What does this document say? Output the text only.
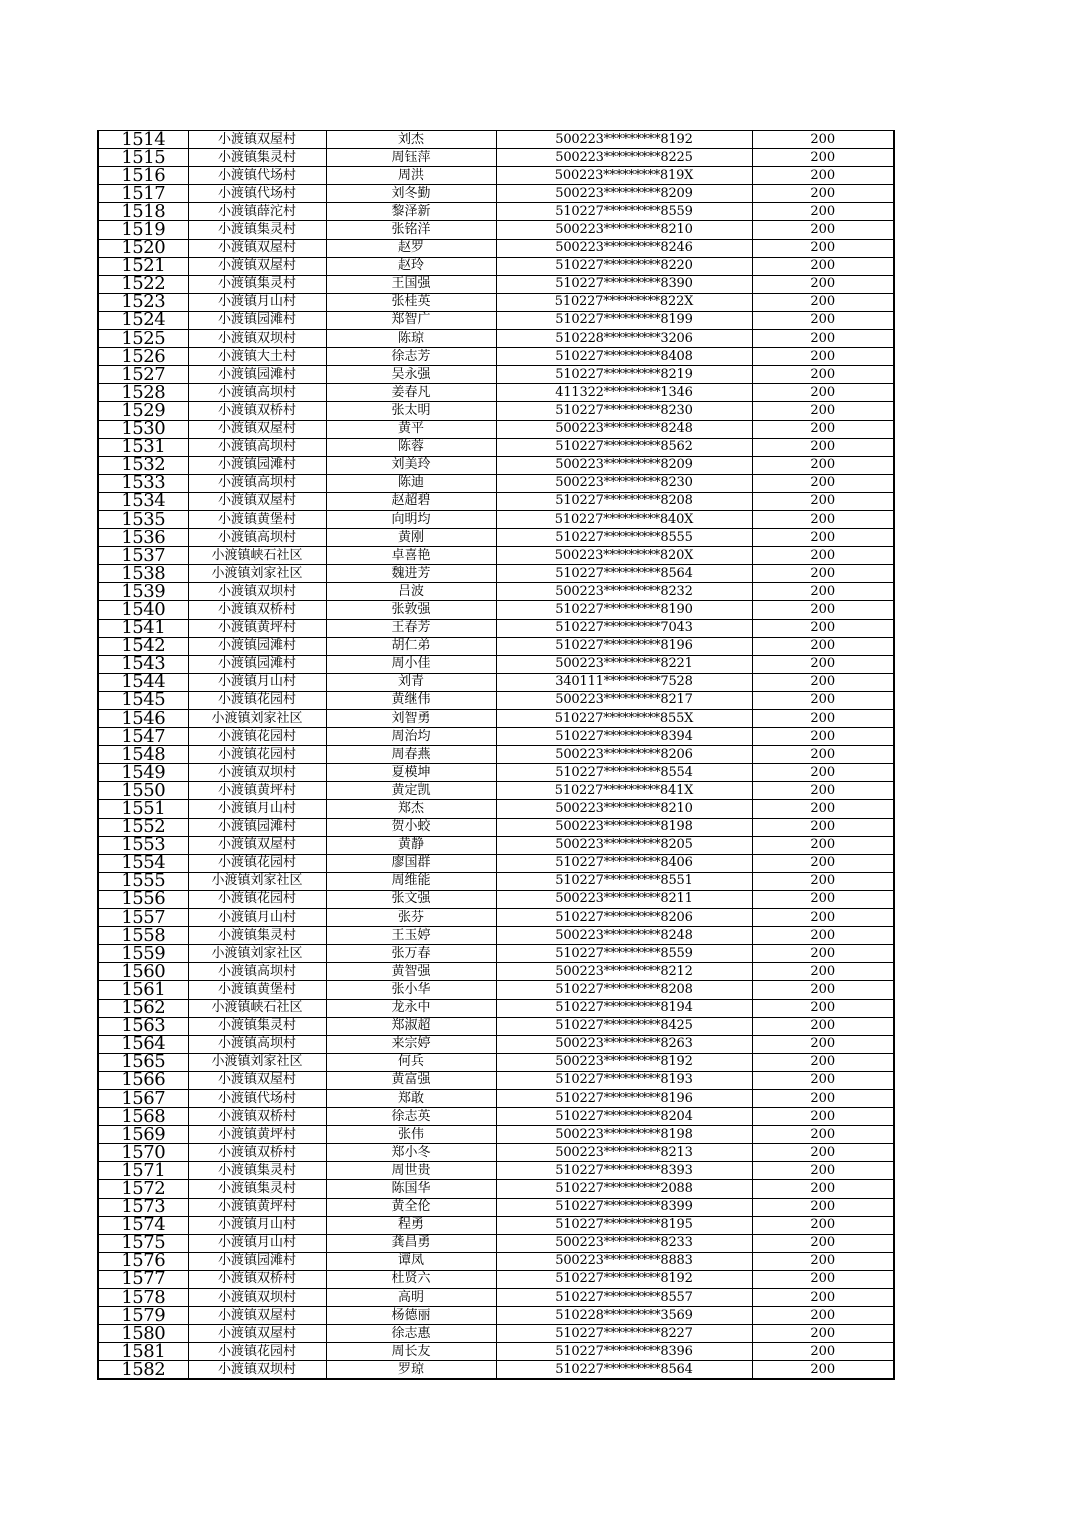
1514	小渡镇双屋村	刘杰	500223*********8192	200
1515	小渡镇集灵村	周钰萍	500223*********8225	200
1516	小渡镇代场村	周洪	500223*********819X	200
1517	小渡镇代场村	刘冬勤	500223*********8209	200
1518	小渡镇薛沱村	黎泽新	510227*********8559	200
1519	小渡镇集灵村	张铭洋	500223*********8210	200
1520	小渡镇双屋村	赵罗	500223*********8246	200
1521	小渡镇双屋村	赵玲	510227*********8220	200
1522	小渡镇集灵村	王国强	510227*********8390	200
1523	小渡镇月山村	张桂英	510227*********822X	200
1524	小渡镇园滩村	郑智广	510227*********8199	200
1525	小渡镇双坝村	陈琼	510228*********3206	200
1526	小渡镇大土村	徐志芳	510227*********8408	200
1527	小渡镇园滩村	吴永强	510227*********8219	200
1528	小渡镇高坝村	姜春凡	411322*********1346	200
1529	小渡镇双桥村	张太明	510227*********8230	200
1530	小渡镇双屋村	黄平	500223*********8248	200
1531	小渡镇高坝村	陈蓉	510227*********8562	200
1532	小渡镇园滩村	刘美玲	500223*********8209	200
1533	小渡镇高坝村	陈迪	500223*********8230	200
1534	小渡镇双屋村	赵超碧	510227*********8208	200
1535	小渡镇黄堡村	向明均	510227*********840X	200
1536	小渡镇高坝村	黄刚	510227*********8555	200
1537	小渡镇峡石社区	卓喜艳	500223*********820X	200
1538	小渡镇刘家社区	魏进芳	510227*********8564	200
1539	小渡镇双坝村	吕波	500223*********8232	200
1540	小渡镇双桥村	张敦强	510227*********8190	200
1541	小渡镇黄坪村	王春芳	510227*********7043	200
1542	小渡镇园滩村	胡仁弟	510227*********8196	200
1543	小渡镇园滩村	周小佳	500223*********8221	200
1544	小渡镇月山村	刘青	340111*********7528	200
1545	小渡镇花园村	黄继伟	500223*********8217	200
1546	小渡镇刘家社区	刘智勇	510227*********855X	200
1547	小渡镇花园村	周治均	510227*********8394	200
1548	小渡镇花园村	周春燕	500223*********8206	200
1549	小渡镇双坝村	夏模坤	510227*********8554	200
1550	小渡镇黄坪村	黄定凯	510227*********841X	200
1551	小渡镇月山村	郑杰	500223*********8210	200
1552	小渡镇园滩村	贺小蛟	500223*********8198	200
1553	小渡镇双屋村	黄静	500223*********8205	200
1554	小渡镇花园村	廖国群	510227*********8406	200
1555	小渡镇刘家社区	周维能	510227*********8551	200
1556	小渡镇花园村	张文强	500223*********8211	200
1557	小渡镇月山村	张芬	510227*********8206	200
1558	小渡镇集灵村	王玉婷	500223*********8248	200
1559	小渡镇刘家社区	张万春	510227*********8559	200
1560	小渡镇高坝村	黄智强	500223*********8212	200
1561	小渡镇黄堡村	张小华	510227*********8208	200
1562	小渡镇峡石社区	龙永中	510227*********8194	200
1563	小渡镇集灵村	郑淑超	510227*********8425	200
1564	小渡镇高坝村	来宗婷	500223*********8263	200
1565	小渡镇刘家社区	何兵	500223*********8192	200
1566	小渡镇双屋村	黄富强	510227*********8193	200
1567	小渡镇代场村	郑敢	510227*********8196	200
1568	小渡镇双桥村	徐志英	510227*********8204	200
1569	小渡镇黄坪村	张伟	500223*********8198	200
1570	小渡镇双桥村	郑小冬	500223*********8213	200
1571	小渡镇集灵村	周世贵	510227*********8393	200
1572	小渡镇集灵村	陈国华	510227*********2088	200
1573	小渡镇黄坪村	黄全伦	510227*********8399	200
1574	小渡镇月山村	程勇	510227*********8195	200
1575	小渡镇月山村	龚昌勇	500223*********8233	200
1576	小渡镇园滩村	谭凤	500223*********8883	200
1577	小渡镇双桥村	杜贤六	510227*********8192	200
1578	小渡镇双坝村	高明	510227*********8557	200
1579	小渡镇双屋村	杨德丽	510228*********3569	200
1580	小渡镇双屋村	徐志惠	510227*********8227	200
1581	小渡镇花园村	周长友	510227*********8396	200
1582	小渡镇双坝村	罗琼	510227*********8564	200
